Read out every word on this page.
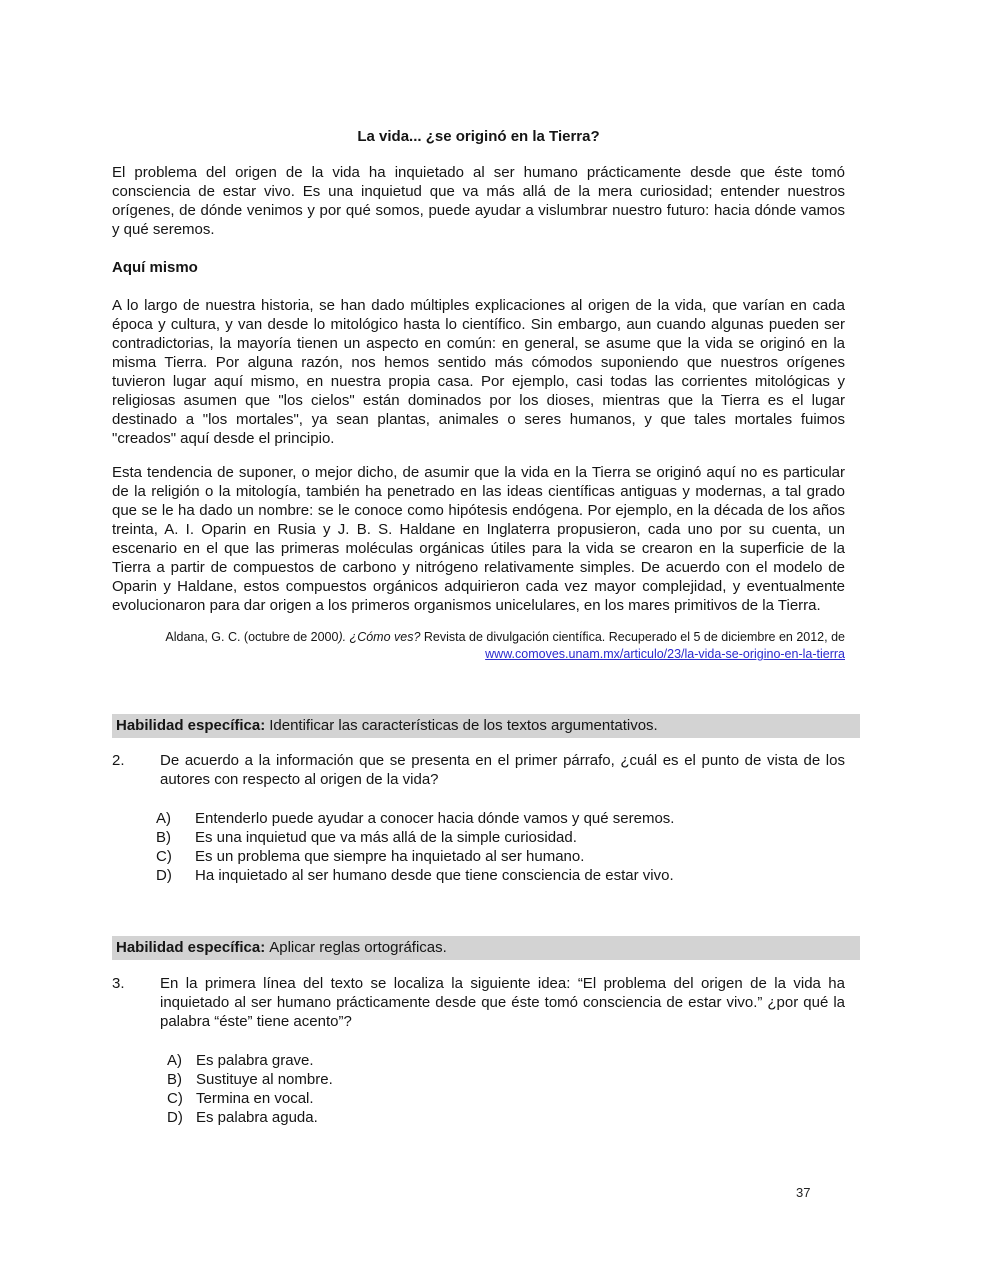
La vida... ¿se originó en la Tierra?

El problema del origen de la vida ha inquietado al ser humano prácticamente desde que éste tomó consciencia de estar vivo. Es una inquietud que va más allá de la mera curiosidad; entender nuestros orígenes, de dónde venimos y por qué somos, puede ayudar a vislumbrar nuestro futuro: hacia dónde vamos y qué seremos.

Aquí mismo

A lo largo de nuestra historia, se han dado múltiples explicaciones al origen de la vida, que varían en cada época y cultura, y van desde lo mitológico hasta lo científico. Sin embargo, aun cuando algunas pueden ser contradictorias, la mayoría tienen un aspecto en común: en general, se asume que la vida se originó en la misma Tierra. Por alguna razón, nos hemos sentido más cómodos suponiendo que nuestros orígenes tuvieron lugar aquí mismo, en nuestra propia casa. Por ejemplo, casi todas las corrientes mitológicas y religiosas asumen que "los cielos" están dominados por los dioses, mientras que la Tierra es el lugar destinado a "los mortales", ya sean plantas, animales o seres humanos, y que tales mortales fuimos "creados" aquí desde el principio.

Esta tendencia de suponer, o mejor dicho, de asumir que la vida en la Tierra se originó aquí no es particular de la religión o la mitología, también ha penetrado en las ideas científicas antiguas y modernas, a tal grado que se le ha dado un nombre: se le conoce como hipótesis endógena. Por ejemplo, en la década de los años treinta, A. I. Oparin en Rusia y J. B. S. Haldane en Inglaterra propusieron, cada uno por su cuenta, un escenario en el que las primeras moléculas orgánicas útiles para la vida se crearon en la superficie de la Tierra a partir de compuestos de carbono y nitrógeno relativamente simples. De acuerdo con el modelo de Oparin y Haldane, estos compuestos orgánicos adquirieron cada vez mayor complejidad, y eventualmente evolucionaron para dar origen a los primeros organismos unicelulares, en los mares primitivos de la Tierra.

Aldana, G. C. (octubre de 2000). ¿Cómo ves? Revista de divulgación científica. Recuperado el 5 de diciembre en 2012, de
www.comoves.unam.mx/articulo/23/la-vida-se-origino-en-la-tierra
Habilidad específica: Identificar las características de los textos argumentativos.
2.	De acuerdo a la información que se presenta en el primer párrafo, ¿cuál es el punto de vista de los autores con respecto al origen de la vida?
A)	Entenderlo puede ayudar a conocer hacia dónde vamos y qué seremos.
B)	Es una inquietud que va más allá de la simple curiosidad.
C)	Es un problema que siempre ha inquietado al ser humano.
D)	Ha inquietado al ser humano desde que tiene consciencia de estar vivo.
Habilidad específica: Aplicar reglas ortográficas.
3.	En la primera línea del texto se localiza la siguiente idea: “El problema del origen de la vida ha inquietado al ser humano prácticamente desde que éste tomó consciencia de estar vivo.” ¿por qué la palabra “éste” tiene acento”?
A) Es palabra grave.
B) Sustituye al nombre.
C) Termina en vocal.
D) Es palabra aguda.
37
